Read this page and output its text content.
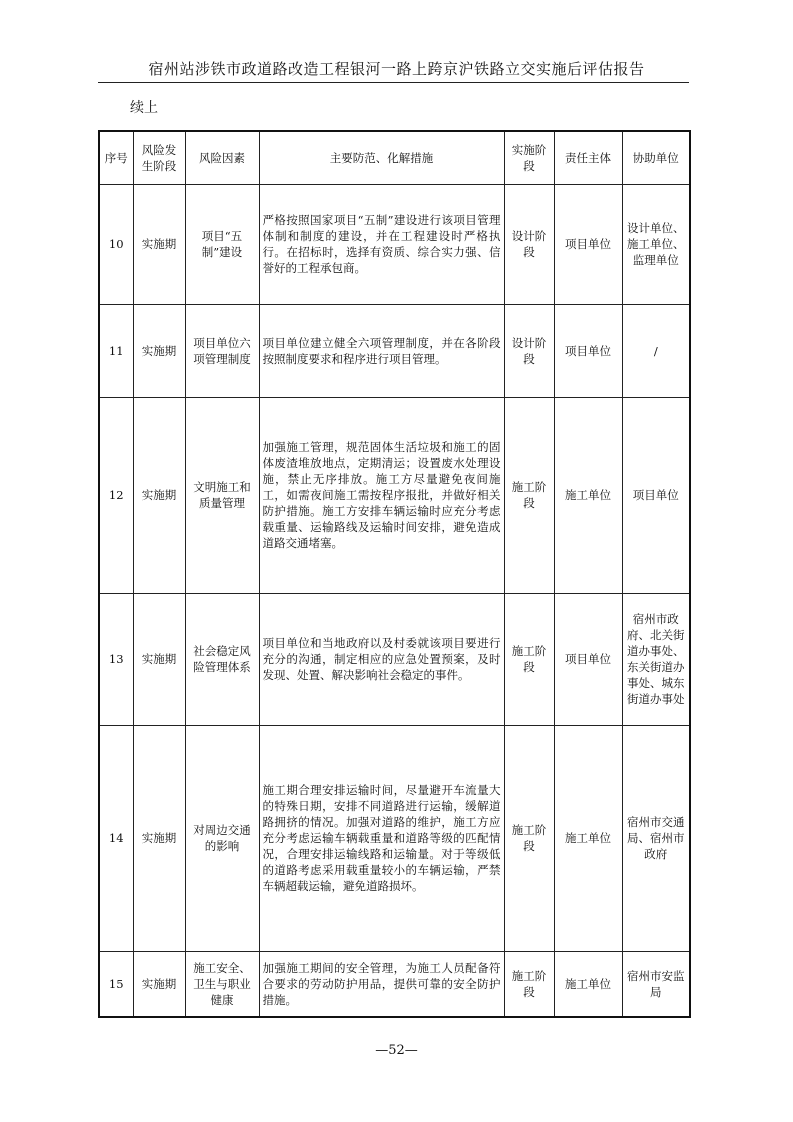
宿州站涉铁市政道路改造工程银河一路上跨京沪铁路立交实施后评估报告
续上
序号	风险发生阶段	风险因素	主要防范、化解措施	实施阶段	责任主体	协助单位
10	实施期	项目“五制”建设	严格按照国家项目“五制”建设进行该项目管理体制和制度的建设，并在工程建设时严格执行。在招标时，选择有资质、综合实力强、信誉好的工程承包商。	设计阶段	项目单位	设计单位、施工单位、监理单位
11	实施期	项目单位六项管理制度	项目单位建立健全六项管理制度，并在各阶段按照制度要求和程序进行项目管理。	设计阶段	项目单位	/
12	实施期	文明施工和质量管理	加强施工管理，规范固体生活垃圾和施工的固体废渣堆放地点，定期清运；设置废水处理设施，禁止无序排放。施工方尽量避免夜间施工，如需夜间施工需按程序报批，并做好相关防护措施。施工方安排车辆运输时应充分考虑载重量、运输路线及运输时间安排，避免造成道路交通堵塞。	施工阶段	施工单位	项目单位
13	实施期	社会稳定风险管理体系	项目单位和当地政府以及村委就该项目要进行充分的沟通，制定相应的应急处置预案，及时发现、处置、解决影响社会稳定的事件。	施工阶段	项目单位	宿州市政府、北关街道办事处、东关街道办事处、城东街道办事处
14	实施期	对周边交通的影响	施工期合理安排运输时间，尽量避开车流量大的特殊日期，安排不同道路进行运输，缓解道路拥挤的情况。加强对道路的维护，施工方应充分考虑运输车辆载重量和道路等级的匹配情况，合理安排运输线路和运输量。对于等级低的道路考虑采用载重量较小的车辆运输，严禁车辆超载运输，避免道路损坏。	施工阶段	施工单位	宿州市交通局、宿州市政府
15	实施期	施工安全、卫生与职业健康	加强施工期间的安全管理，为施工人员配备符合要求的劳动防护用品，提供可靠的安全防护措施。	施工阶段	施工单位	宿州市安监局
—52—
